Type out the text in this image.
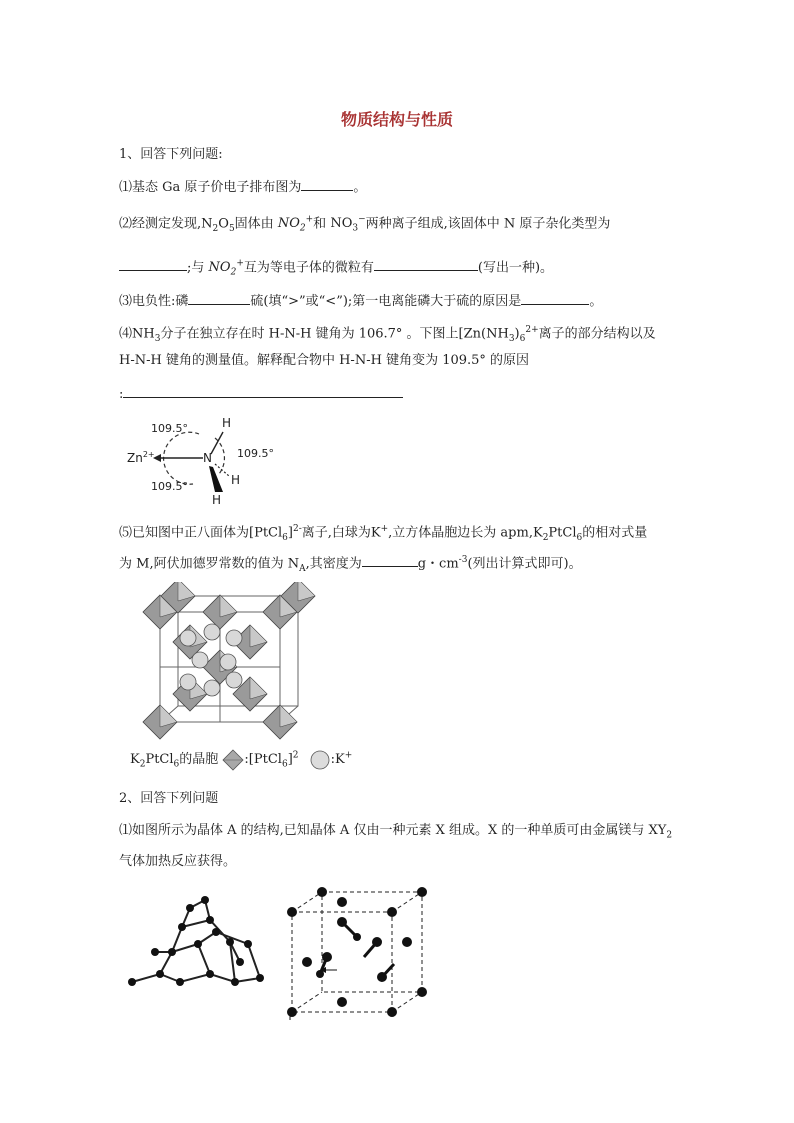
物质结构与性质
1、回答下列问题:
⑴基态 Ga 原子价电子排布图为	。
⑵经测定发现$,N_2O_5$固体由 $NO_2^+$和 $NO_3^-$两种离子组成,该固体中 N 原子杂化类型为
;与 $NO_2^+$互为等电子体的微粒有	(写出一种)。
⑶电负性:磷	硫(填“>”或“<”);第一电离能磷大于硫的原因是	。
$⑷NH_3$分子在独立存在时 H-N-H 键角为 106.7° 。下图上[$Zn(NH_3)_6^{2+}$离子的部分结构以及
H-N-H 键角的测量值。解释配合物中 H-N-H 键角变为 109.5° 的原因
:
$Zn^{2+}$	N
H
H
H
109.5°
109.5°
109.5°
⑸已知图中正八面体为[PtCl$_6$]$^{2-}$离子,白球为K+,立方体晶胞边长为 $apm,K_2PtCl_6$的相对式量
为 M,阿伏加德罗常数的值为 $N_A$,其密度为	g・$cm^{-3}$(列出计算式即可)。
$K_2PtCl_6$的晶胞 :[PtCl$_6$]$^2$ :K+
2、回答下列问题
⑴如图所示为晶体 A 的结构,已知晶体 A 仅由一种元素 X 组成。X 的一种单质可由金属镁与 $XY_2$
气体加热反应获得。
